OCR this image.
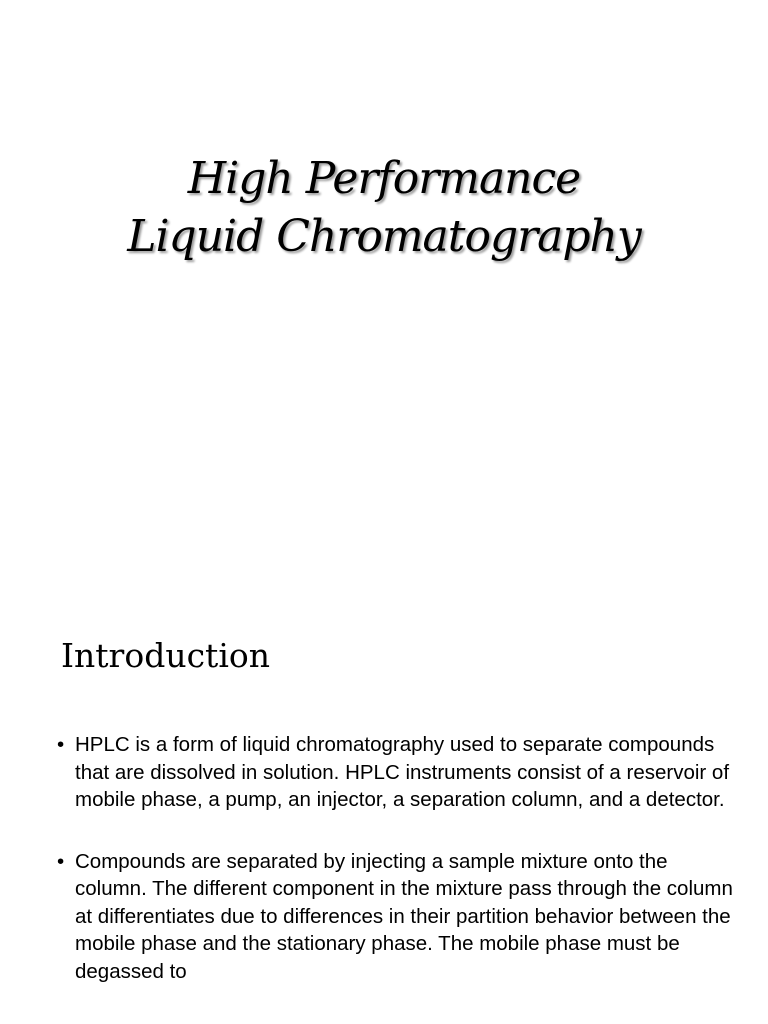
High Performance
Liquid Chromatography
Introduction
• HPLC is a form of liquid chromatography used to separate compounds that are dissolved in solution. HPLC instruments consist of a reservoir of mobile phase, a pump, an injector, a separation column, and a detector.
• Compounds are separated by injecting a sample mixture onto the column. The different component in the mixture pass through the column at differentiates due to differences in their partition behavior between the mobile phase and the stationary phase. The mobile phase must be degassed to
